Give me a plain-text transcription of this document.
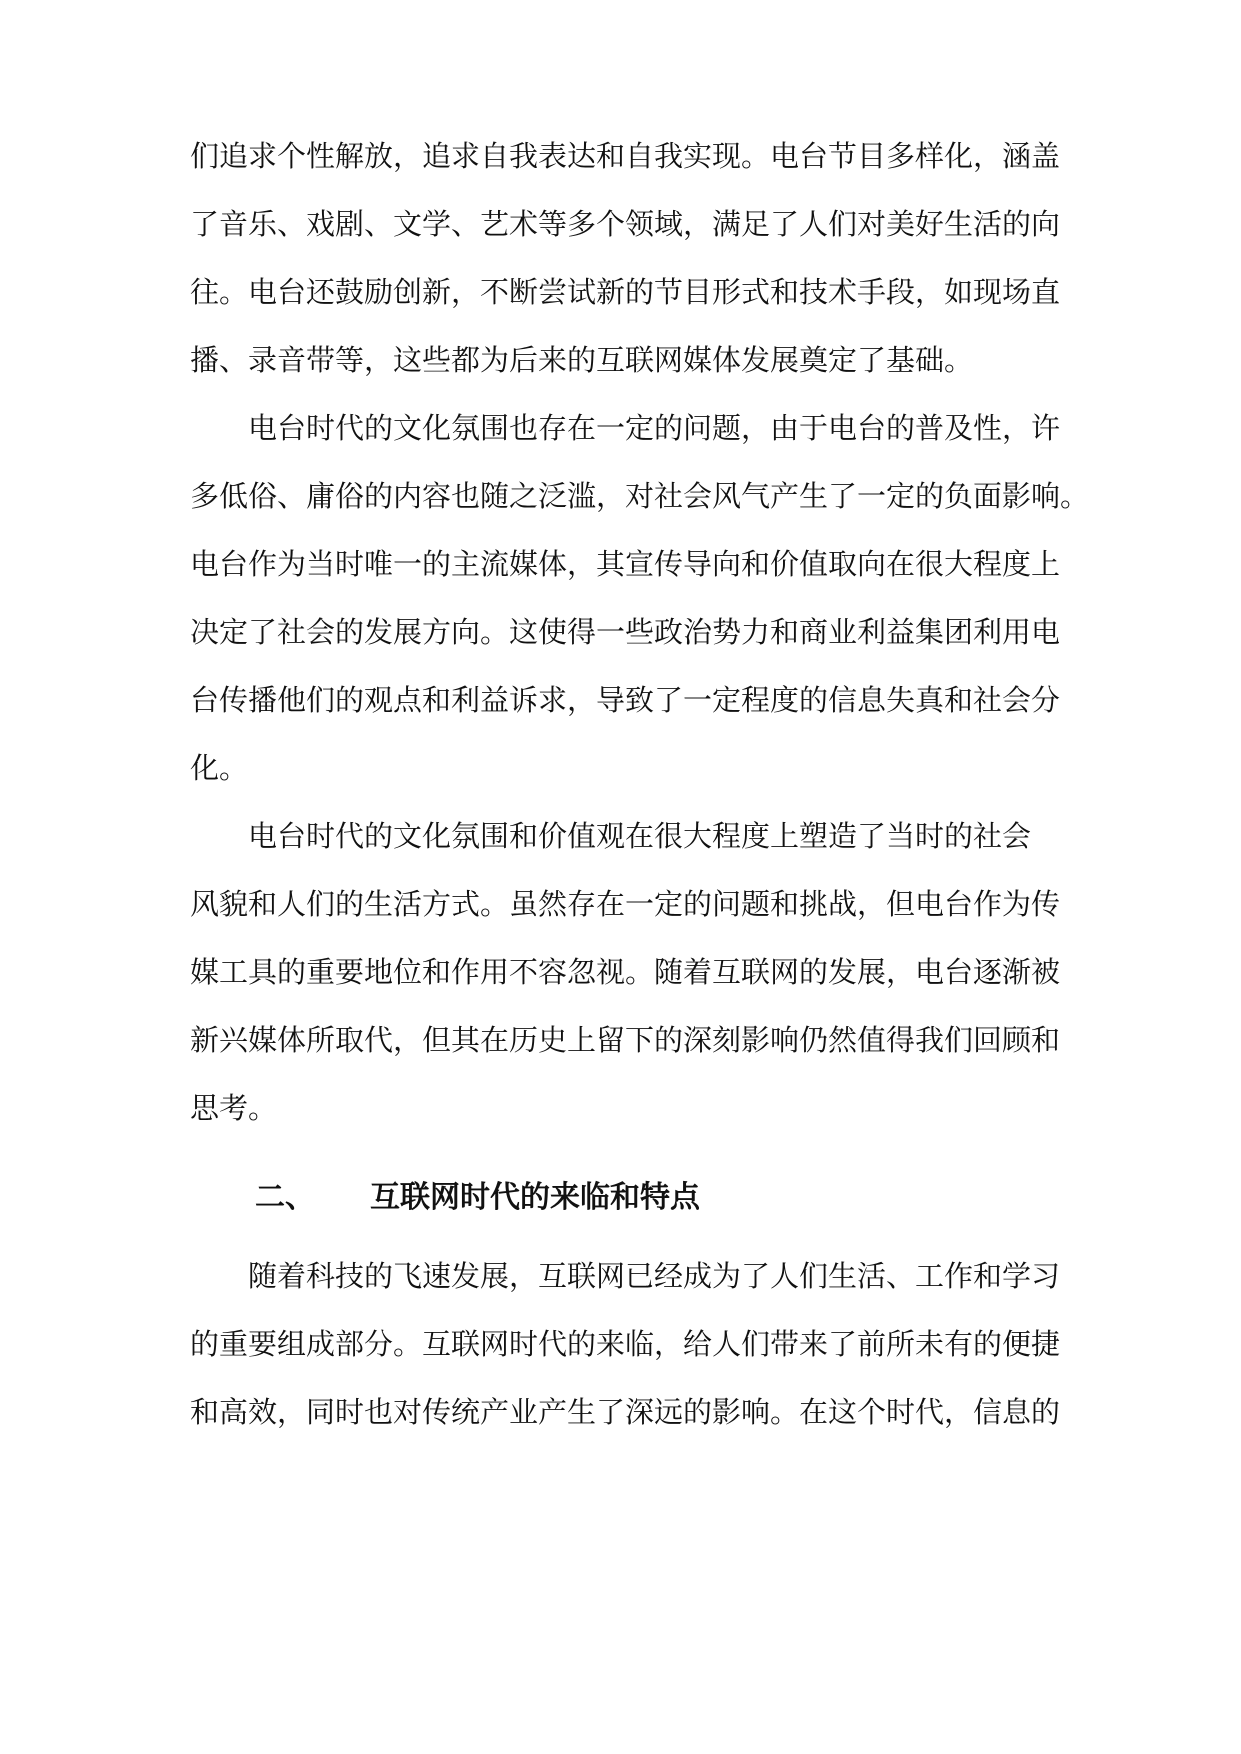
们追求个性解放，追求自我表达和自我实现。电台节目多样化，涵盖
了音乐、戏剧、文学、艺术等多个领域，满足了人们对美好生活的向
往。电台还鼓励创新，不断尝试新的节目形式和技术手段，如现场直
播、录音带等，这些都为后来的互联网媒体发展奠定了基础。
电台时代的文化氛围也存在一定的问题，由于电台的普及性，许
多低俗、庸俗的内容也随之泛滥，对社会风气产生了一定的负面影响。
电台作为当时唯一的主流媒体，其宣传导向和价值取向在很大程度上
决定了社会的发展方向。这使得一些政治势力和商业利益集团利用电
台传播他们的观点和利益诉求，导致了一定程度的信息失真和社会分
化。
电台时代的文化氛围和价值观在很大程度上塑造了当时的社会
风貌和人们的生活方式。虽然存在一定的问题和挑战，但电台作为传
媒工具的重要地位和作用不容忽视。随着互联网的发展，电台逐渐被
新兴媒体所取代，但其在历史上留下的深刻影响仍然值得我们回顾和
思考。
二、 互联网时代的来临和特点
随着科技的飞速发展，互联网已经成为了人们生活、工作和学习
的重要组成部分。互联网时代的来临，给人们带来了前所未有的便捷
和高效，同时也对传统产业产生了深远的影响。在这个时代，信息的
